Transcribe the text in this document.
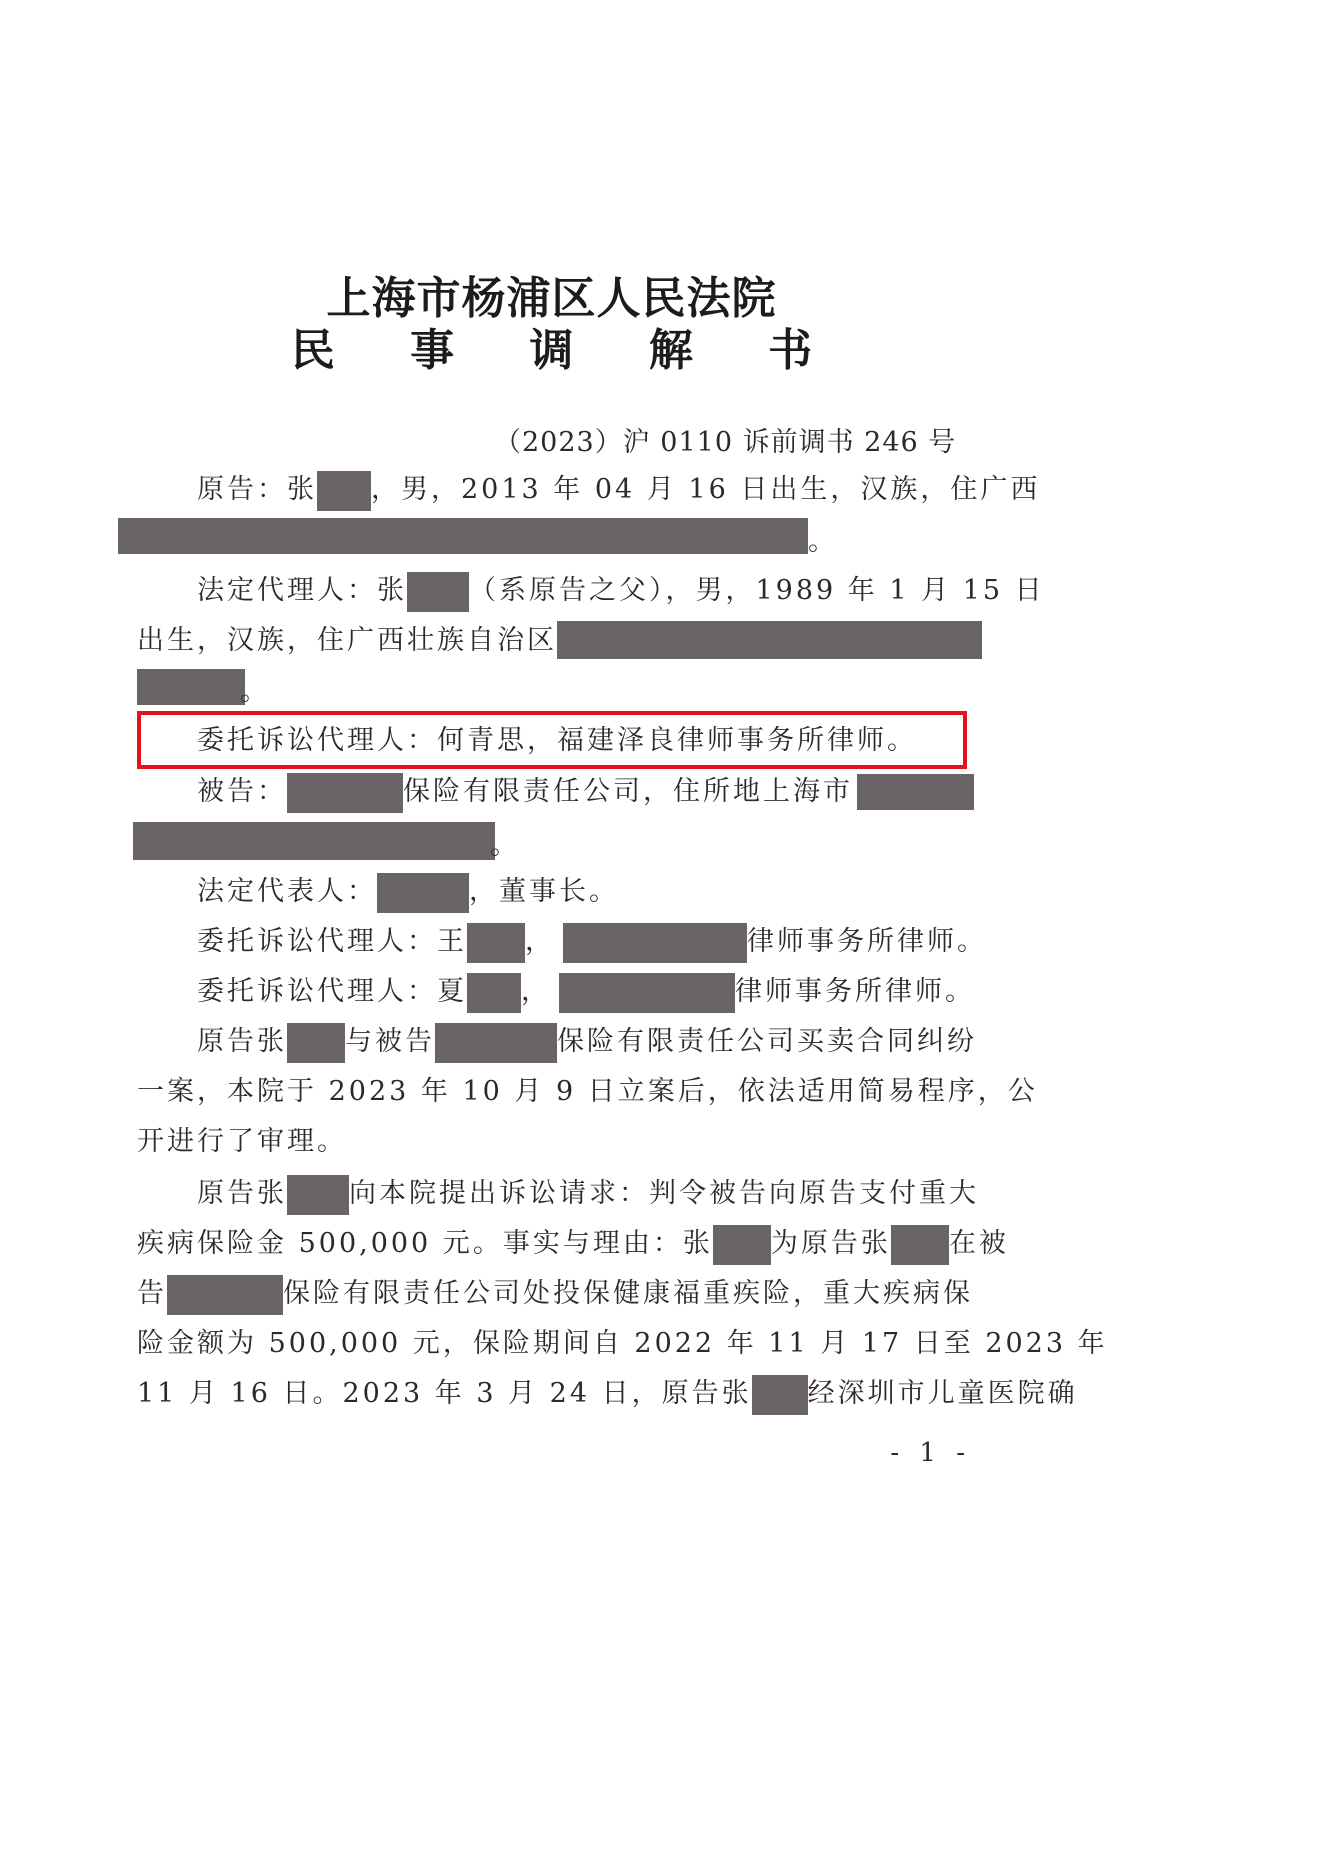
上海市杨浦区人民法院
民 事 调 解 书
（2023）沪 0110 诉前调书 246 号
原告：张 ，男，2013 年 04 月 16 日出生，汉族，住广西
。
法定代理人：张 （系原告之父），男，1989 年 1 月 15 日
出生，汉族，住广西壮族自治区
。
委托诉讼代理人：何青思，福建泽良律师事务所律师。
被告：	保险有限责任公司，住所地上海市
。
法定代表人：	，董事长。
委托诉讼代理人：王 ，	律师事务所律师。
委托诉讼代理人：夏 ，	律师事务所律师。
原告张 与被告	保险有限责任公司买卖合同纠纷
一案，本院于 2023 年 10 月 9 日立案后，依法适用简易程序，公
开进行了审理。
原告张 向本院提出诉讼请求：判令被告向原告支付重大
疾病保险金 500,000 元。事实与理由：张 为原告张 在被
告	保险有限责任公司处投保健康福重疾险，重大疾病保
险金额为 500,000 元，保险期间自 2022 年 11 月 17 日至 2023 年
11 月 16 日。2023 年 3 月 24 日，原告张 经深圳市儿童医院确
- 1 -
